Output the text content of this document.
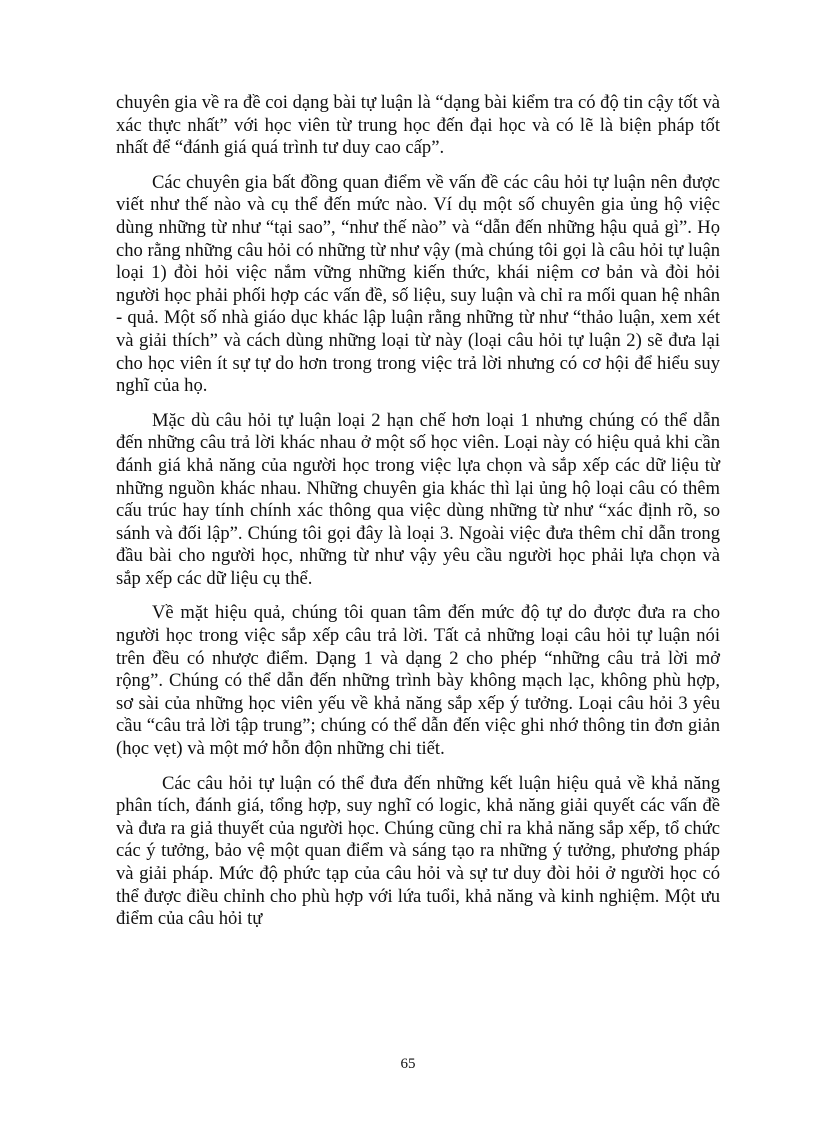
chuyên gia về ra đề coi dạng bài tự luận là “dạng bài kiểm tra có độ tin cậy tốt và xác thực nhất” với học viên từ trung học đến đại học và có lẽ là biện pháp tốt nhất để “đánh giá quá trình tư duy cao cấp”.

Các chuyên gia bất đồng quan điểm về vấn đề các câu hỏi tự luận nên được viết như thế nào và cụ thể đến mức nào. Ví dụ một số chuyên gia ủng hộ việc dùng những từ như “tại sao”, “như thế nào” và “dẫn đến những hậu quả gì”. Họ cho rằng những câu hỏi có những từ như vậy (mà chúng tôi gọi là câu hỏi tự luận loại 1) đòi hỏi việc nắm vững những kiến thức, khái niệm cơ bản và đòi hỏi người học phải phối hợp các vấn đề, số liệu, suy luận và chỉ ra mối quan hệ nhân - quả. Một số nhà giáo dục khác lập luận rằng những từ như “thảo luận, xem xét và giải thích” và cách dùng những loại từ này (loại câu hỏi tự luận 2) sẽ đưa lại cho học viên ít sự tự do hơn trong trong việc trả lời nhưng có cơ hội để hiểu suy nghĩ của họ.

Mặc dù câu hỏi tự luận loại 2 hạn chế hơn loại 1 nhưng chúng có thể dẫn đến những câu trả lời khác nhau ở một số học viên. Loại này có hiệu quả khi cần đánh giá khả năng của người học trong việc lựa chọn và sắp xếp các dữ liệu từ những nguồn khác nhau. Những chuyên gia khác thì lại ủng hộ loại câu có thêm cấu trúc hay tính chính xác thông qua việc dùng những từ như “xác định rõ, so sánh và đối lập”. Chúng tôi gọi đây là loại 3. Ngoài việc đưa thêm chỉ dẫn trong đầu bài cho người học, những từ như vậy yêu cầu người học phải lựa chọn và sắp xếp các dữ liệu cụ thể.

Về mặt hiệu quả, chúng tôi quan tâm đến mức độ tự do được đưa ra cho người học trong việc sắp xếp câu trả lời. Tất cả những loại câu hỏi tự luận nói trên đều có nhược điểm. Dạng 1 và dạng 2 cho phép “những câu trả lời mở rộng”. Chúng có thể dẫn đến những trình bày không mạch lạc, không phù hợp, sơ sài của những học viên yếu về khả năng sắp xếp ý tưởng. Loại câu hỏi 3 yêu cầu “câu trả lời tập trung”; chúng có thể dẫn đến việc ghi nhớ thông tin đơn giản (học vẹt) và một mớ hỗn độn những chi tiết.

Các câu hỏi tự luận có thể đưa đến những kết luận hiệu quả về khả năng phân tích, đánh giá, tổng hợp, suy nghĩ có logic, khả năng giải quyết các vấn đề và đưa ra giả thuyết của người học. Chúng cũng chỉ ra khả năng sắp xếp, tổ chức các ý tưởng, bảo vệ một quan điểm và sáng tạo ra những ý tưởng, phương pháp và giải pháp. Mức độ phức tạp của câu hỏi và sự tư duy đòi hỏi ở người học có thể được điều chỉnh cho phù hợp với lứa tuổi, khả năng và kinh nghiệm. Một ưu điểm của câu hỏi tự

65
